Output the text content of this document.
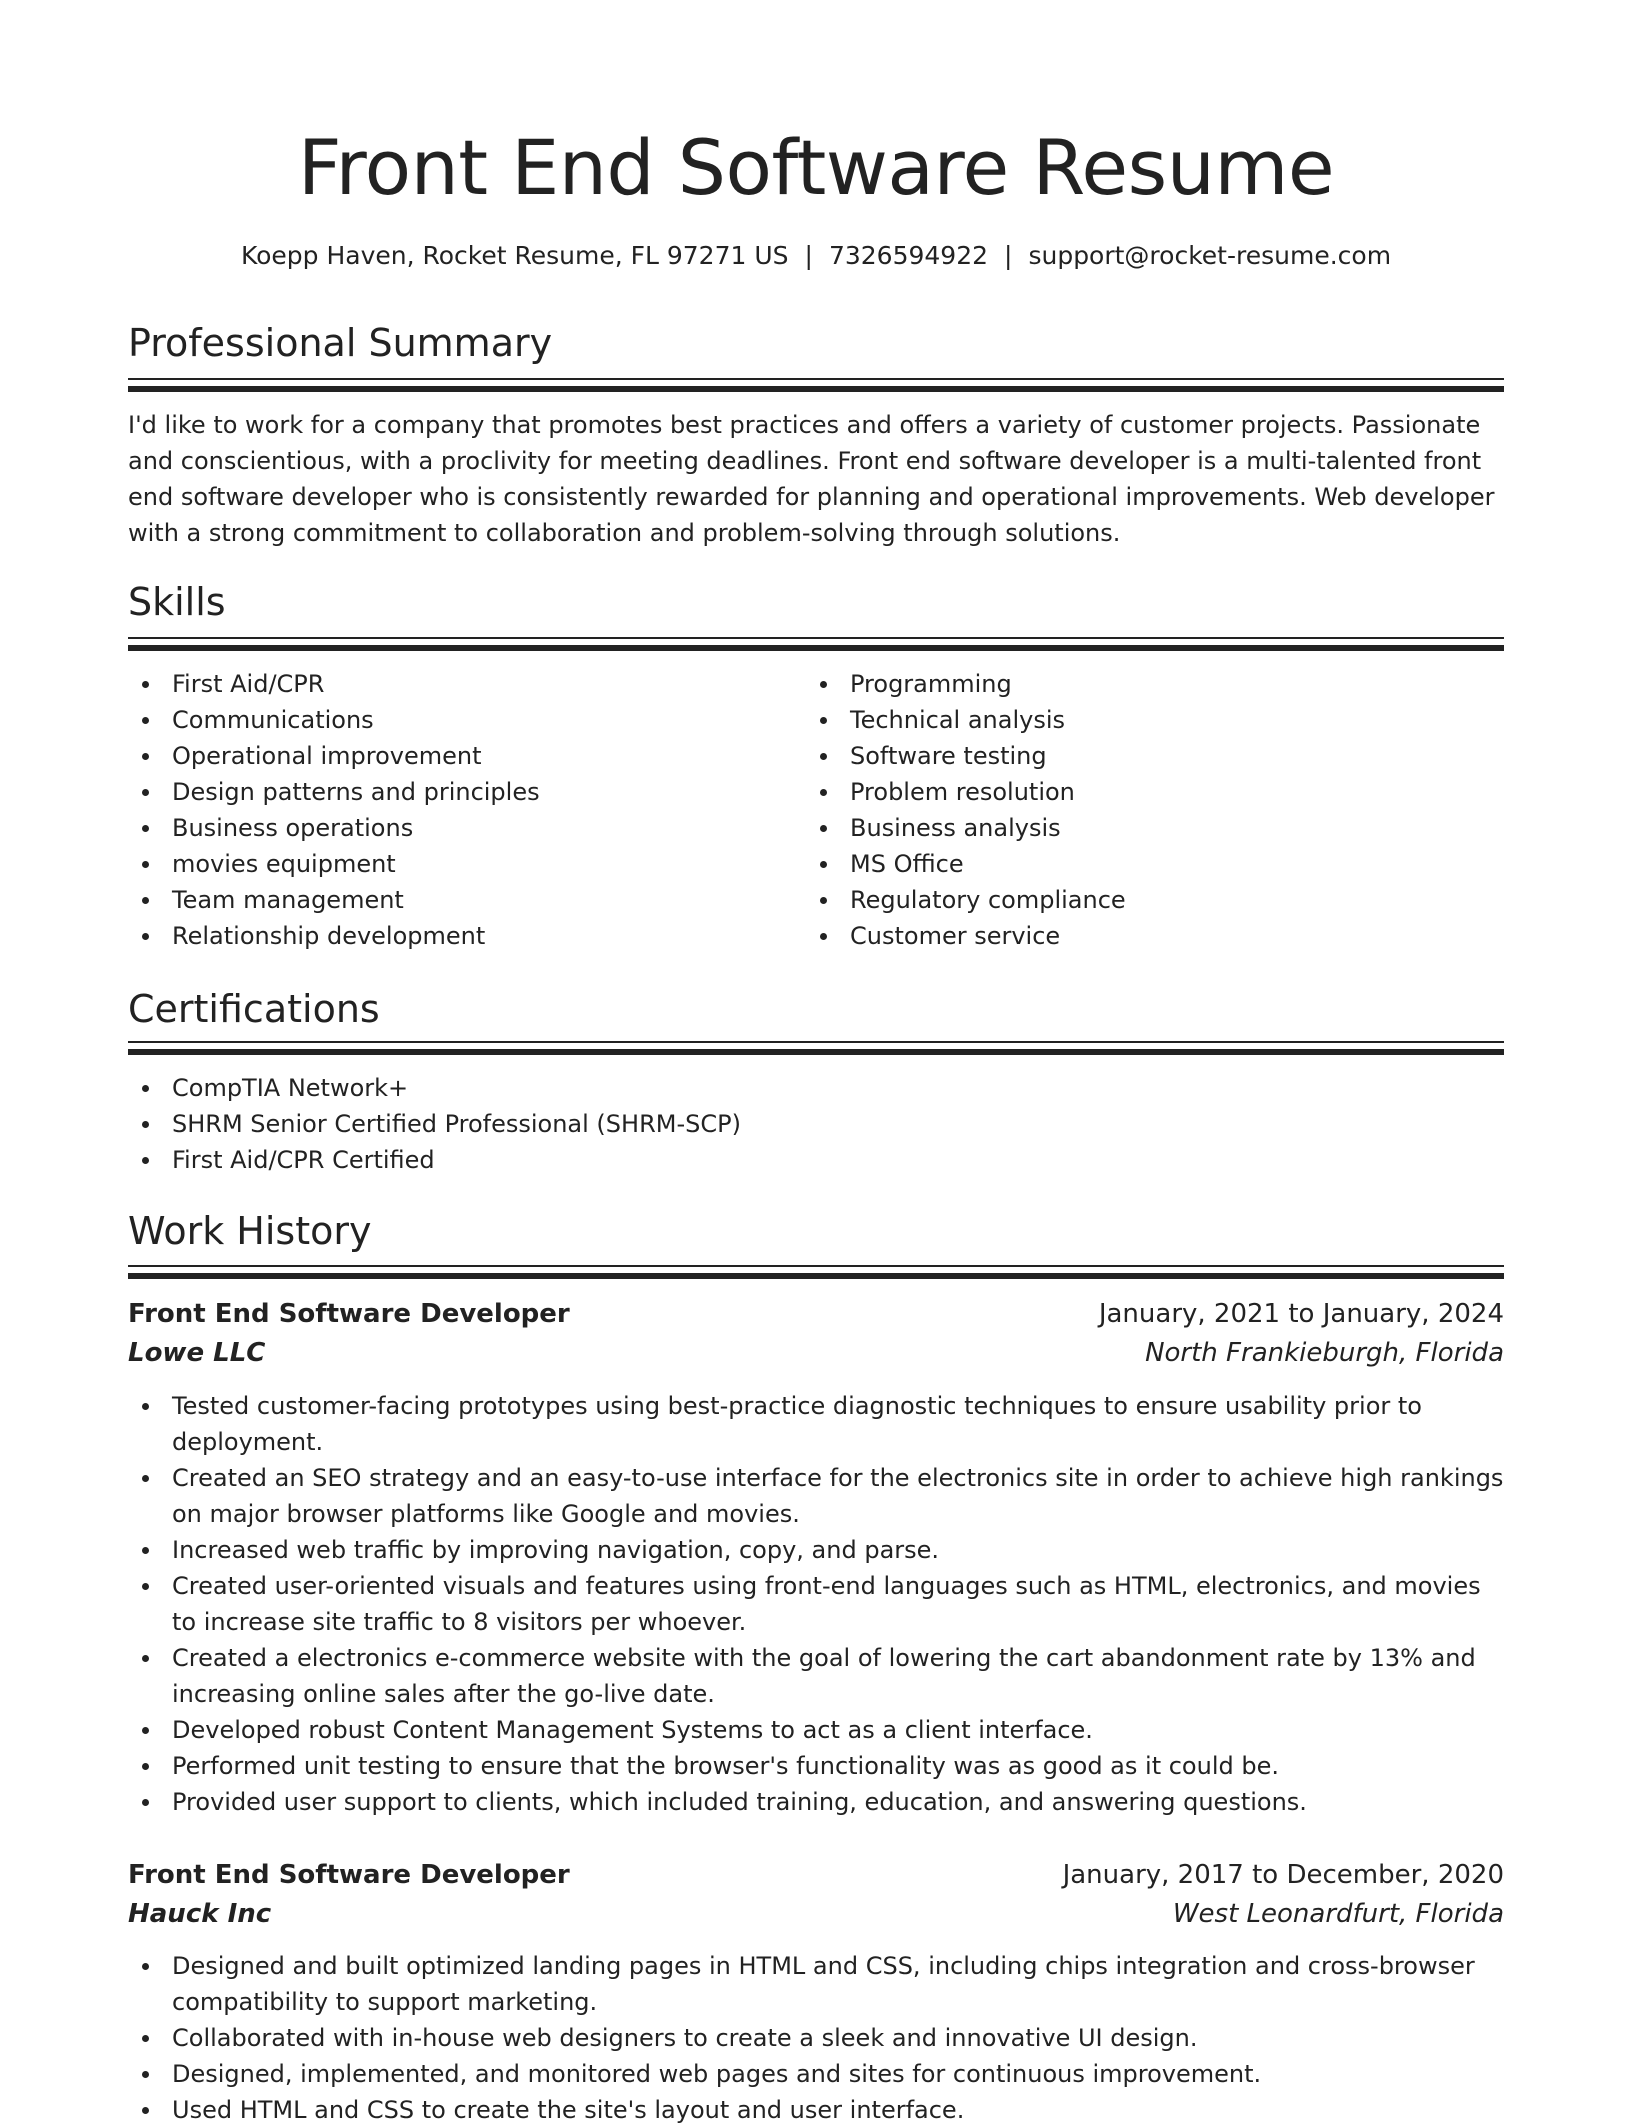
Front End Software Resume
Koepp Haven, Rocket Resume, FL 97271 US | 7326594922 | support@rocket-resume.com
Professional Summary

I'd like to work for a company that promotes best practices and offers a variety of customer projects. Passionate and conscientious, with a proclivity for meeting deadlines. Front end software developer is a multi-talented front end software developer who is consistently rewarded for planning and operational improvements. Web developer with a strong commitment to collaboration and problem-solving through solutions.

Skills
First Aid/CPR
Communications
Operational improvement
Design patterns and principles
Business operations
movies equipment
Team management
Relationship development
Programming
Technical analysis
Software testing
Problem resolution
Business analysis
MS Office
Regulatory compliance
Customer service
Certifications
CompTIA Network+
SHRM Senior Certified Professional (SHRM-SCP)
First Aid/CPR Certified
Work History
Front End Software Developer	January, 2021 to January, 2024
Lowe LLC	North Frankieburgh, Florida
Tested customer-facing prototypes using best-practice diagnostic techniques to ensure usability prior to deployment.
Created an SEO strategy and an easy-to-use interface for the electronics site in order to achieve high rankings on major browser platforms like Google and movies.
Increased web traffic by improving navigation, copy, and parse.
Created user-oriented visuals and features using front-end languages such as HTML, electronics, and movies to increase site traffic to 8 visitors per whoever.
Created a electronics e-commerce website with the goal of lowering the cart abandonment rate by 13% and increasing online sales after the go-live date.
Developed robust Content Management Systems to act as a client interface.
Performed unit testing to ensure that the browser's functionality was as good as it could be.
Provided user support to clients, which included training, education, and answering questions.
Front End Software Developer	January, 2017 to December, 2020
Hauck Inc	West Leonardfurt, Florida
Designed and built optimized landing pages in HTML and CSS, including chips integration and cross-browser compatibility to support marketing.
Collaborated with in-house web designers to create a sleek and innovative UI design.
Designed, implemented, and monitored web pages and sites for continuous improvement.
Used HTML and CSS to create the site's layout and user interface.
